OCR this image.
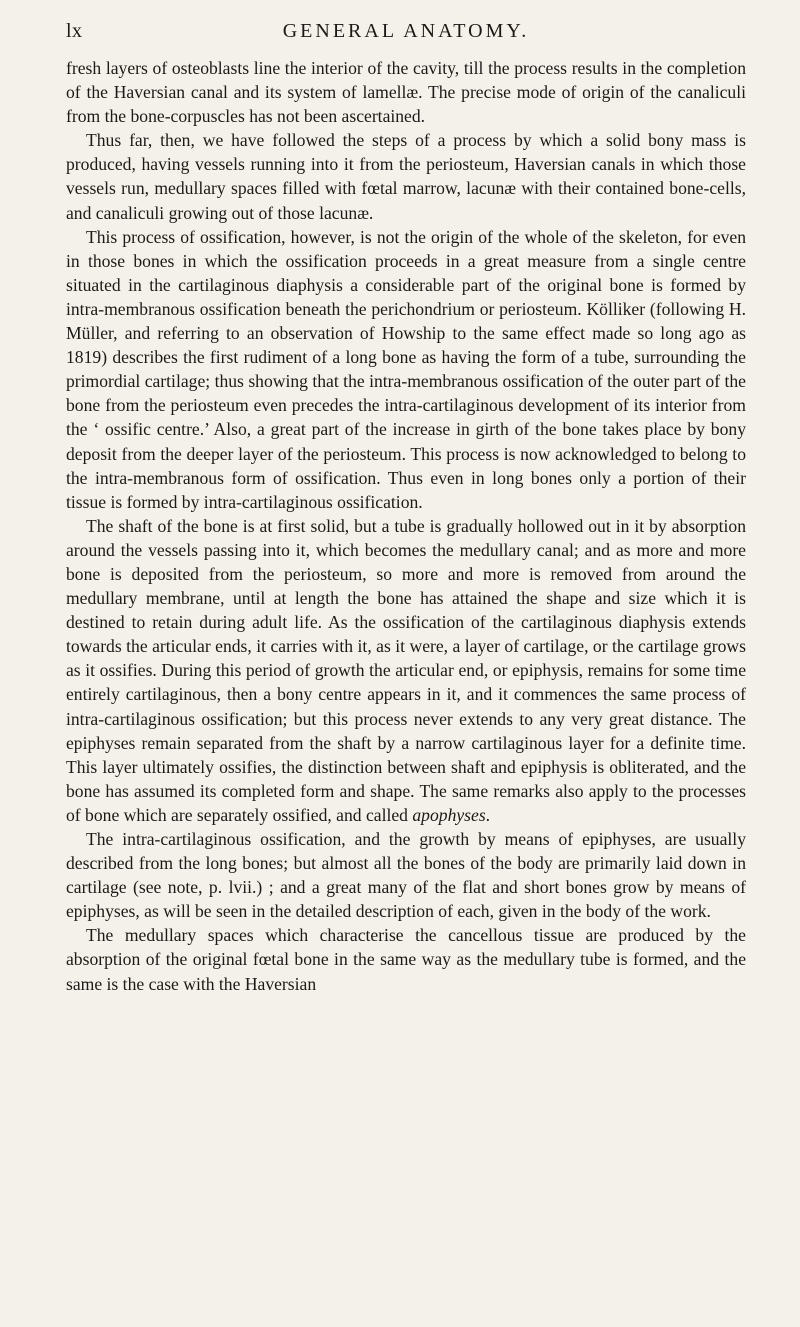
lx	GENERAL ANATOMY.

fresh layers of osteoblasts line the interior of the cavity, till the process results in the completion of the Haversian canal and its system of lamellæ. The precise mode of origin of the canaliculi from the bone-corpuscles has not been ascertained.

Thus far, then, we have followed the steps of a process by which a solid bony mass is produced, having vessels running into it from the periosteum, Haversian canals in which those vessels run, medullary spaces filled with fœtal marrow, lacunæ with their contained bone-cells, and canaliculi growing out of those lacunæ.

This process of ossification, however, is not the origin of the whole of the skeleton, for even in those bones in which the ossification proceeds in a great measure from a single centre situated in the cartilaginous diaphysis a considerable part of the original bone is formed by intra-membranous ossification beneath the perichondrium or periosteum. Kölliker (following H. Müller, and referring to an observation of Howship to the same effect made so long ago as 1819) describes the first rudiment of a long bone as having the form of a tube, surrounding the primordial cartilage; thus showing that the intra-membranous ossification of the outer part of the bone from the periosteum even precedes the intra-cartilaginous development of its interior from the ‘ ossific centre.’ Also, a great part of the increase in girth of the bone takes place by bony deposit from the deeper layer of the periosteum. This process is now acknowledged to belong to the intra-membranous form of ossification. Thus even in long bones only a portion of their tissue is formed by intra-cartilaginous ossification.

The shaft of the bone is at first solid, but a tube is gradually hollowed out in it by absorption around the vessels passing into it, which becomes the medullary canal; and as more and more bone is deposited from the periosteum, so more and more is removed from around the medullary membrane, until at length the bone has attained the shape and size which it is destined to retain during adult life. As the ossification of the cartilaginous diaphysis extends towards the articular ends, it carries with it, as it were, a layer of cartilage, or the cartilage grows as it ossifies. During this period of growth the articular end, or epiphysis, remains for some time entirely cartilaginous, then a bony centre appears in it, and it commences the same process of intra-cartilaginous ossification; but this process never extends to any very great distance. The epiphyses remain separated from the shaft by a narrow cartilaginous layer for a definite time. This layer ultimately ossifies, the distinction between shaft and epiphysis is obliterated, and the bone has assumed its completed form and shape. The same remarks also apply to the processes of bone which are separately ossified, and called apophyses.

The intra-cartilaginous ossification, and the growth by means of epiphyses, are usually described from the long bones; but almost all the bones of the body are primarily laid down in cartilage (see note, p. lvii.) ; and a great many of the flat and short bones grow by means of epiphyses, as will be seen in the detailed description of each, given in the body of the work.

The medullary spaces which characterise the cancellous tissue are produced by the absorption of the original fœtal bone in the same way as the medullary tube is formed, and the same is the case with the Haversian
